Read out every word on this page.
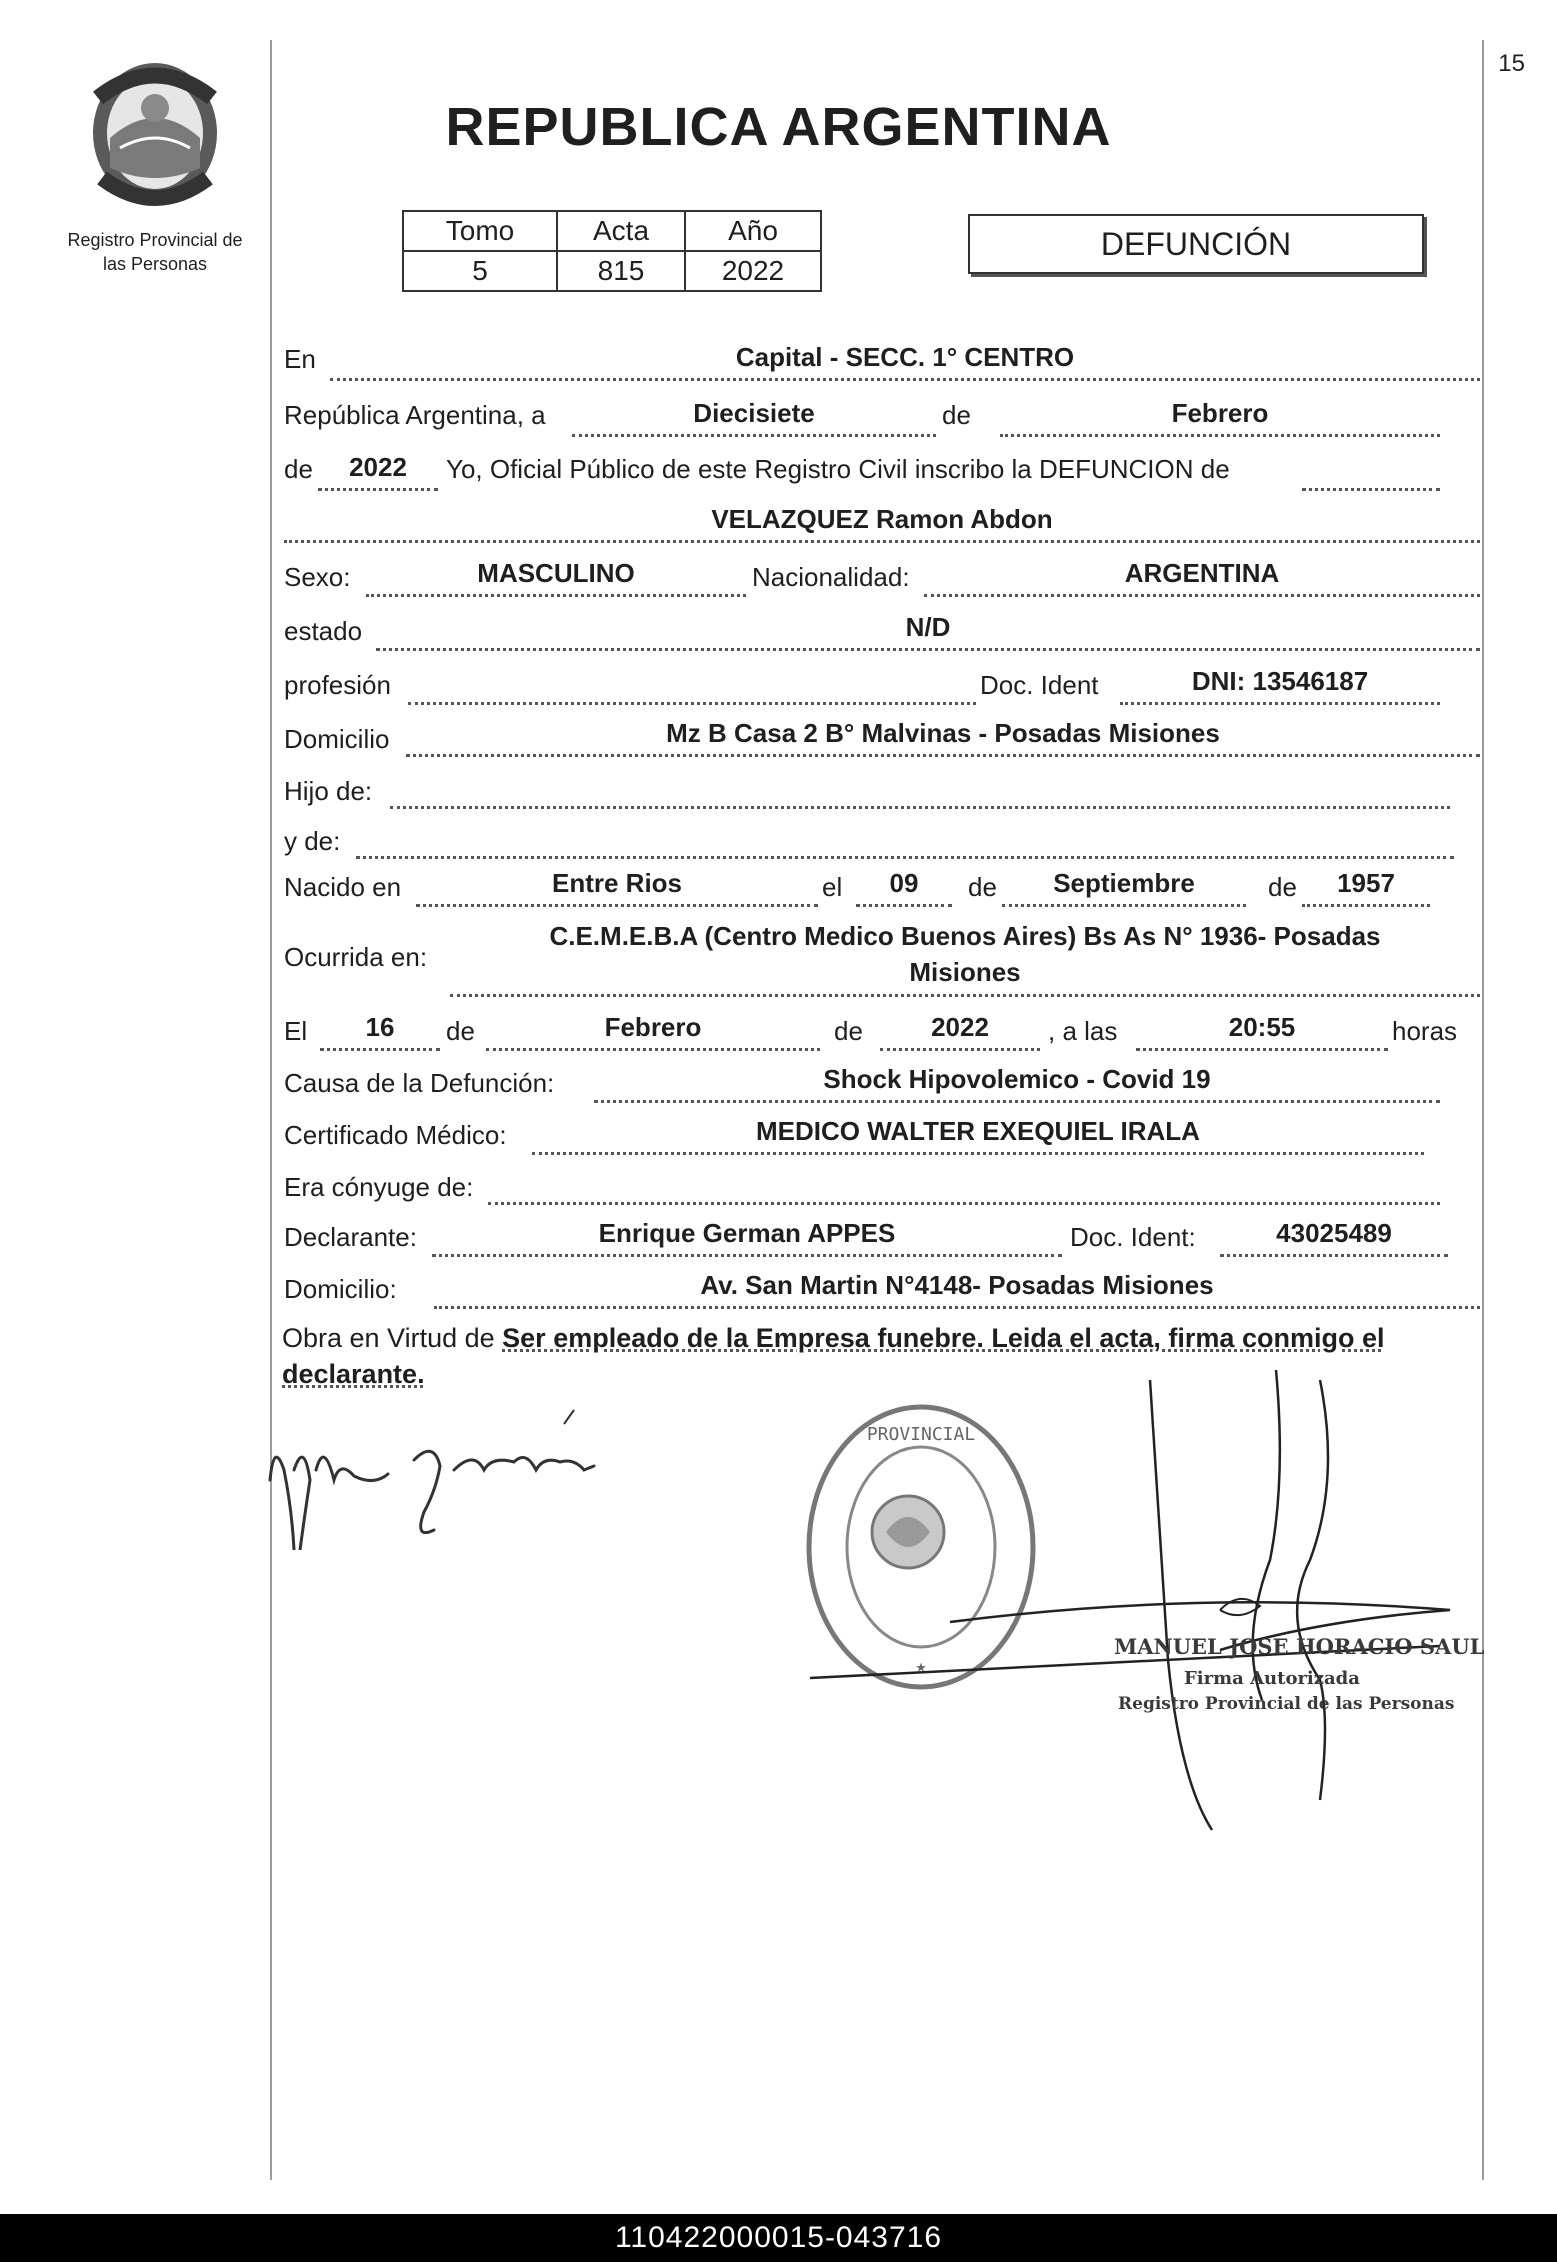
15
Registro Provincial de
las Personas
REPUBLICA ARGENTINA
Tomo	Acta	Año
5	815	2022
DEFUNCIÓN
En	Capital - SECC. 1° CENTRO
República Argentina, a	Diecisiete	de	Febrero
de	2022	Yo, Oficial Público de este Registro Civil inscribo la DEFUNCION de
VELAZQUEZ Ramon Abdon
Sexo:	MASCULINO	Nacionalidad:	ARGENTINA
estado	N/D
profesión	Doc. Ident	DNI: 13546187
Domicilio	Mz B Casa 2 B° Malvinas - Posadas Misiones
Hijo de:
y de:
Nacido en	Entre Rios	el	09	de	Septiembre	de	1957
Ocurrida en:
C.E.M.E.B.A (Centro Medico Buenos Aires) Bs As N° 1936- Posadas
Misiones
El	16	de	Febrero	de	2022	, a las	20:55	horas
Causa de la Defunción:	Shock Hipovolemico - Covid 19
Certificado Médico:	MEDICO WALTER EXEQUIEL IRALA
Era cónyuge de:
Declarante:	Enrique German APPES	Doc. Ident:	43025489
Domicilio:	Av. San Martin N°4148- Posadas Misiones
Obra en Virtud de Ser empleado de la Empresa funebre. Leida el acta, firma conmigo el declarante.
PROVINCIAL
★
MANUEL JOSE HORACIO SAUL
Firma Autorizada
Registro Provincial de las Personas
110422000015-043716
